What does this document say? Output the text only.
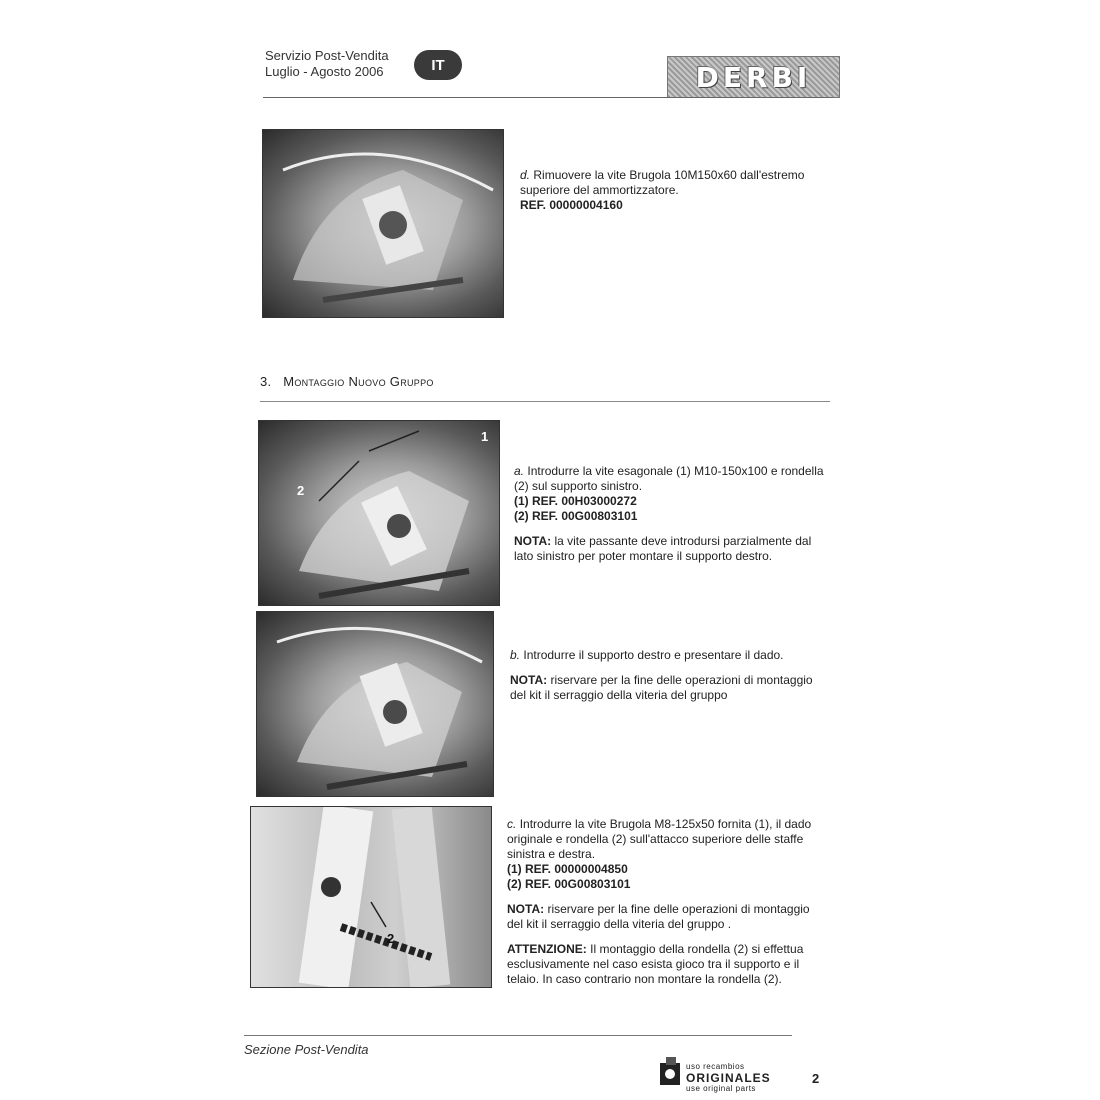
Servizio Post-Vendita
Luglio - Agosto 2006	IT	DERBI

d. Rimuovere la vite Brugola 10M150x60 dall'estremo superiore del ammortizzatore.
REF. 00000004160

3. Montaggio Nuovo Gruppo
1
2

a. Introdurre la vite esagonale (1) M10-150x100 e rondella (2) sul supporto sinistro.
(1) REF. 00H03000272
(2) REF. 00G00803101

NOTA: la vite passante deve introdursi parzialmente dal lato sinistro per poter montare il supporto destro.

b. Introdurre il supporto destro e presentare il dado.

NOTA: riservare per la fine delle operazioni di montaggio del kit il serraggio della viteria del gruppo

2

c. Introdurre la vite Brugola M8-125x50 fornita (1), il dado originale e rondella (2) sull'attacco superiore delle staffe sinistra e destra.
(1) REF. 00000004850
(2) REF. 00G00803101

NOTA: riservare per la fine delle operazioni di montaggio del kit il serraggio della viteria del gruppo .

ATTENZIONE: Il montaggio della rondella (2) si effettua esclusivamente nel caso esista gioco tra il supporto e il telaio. In caso contrario non montare la rondella (2).

Sezione Post-Vendita
uso recambios
ORIGINALES
use original parts
2
